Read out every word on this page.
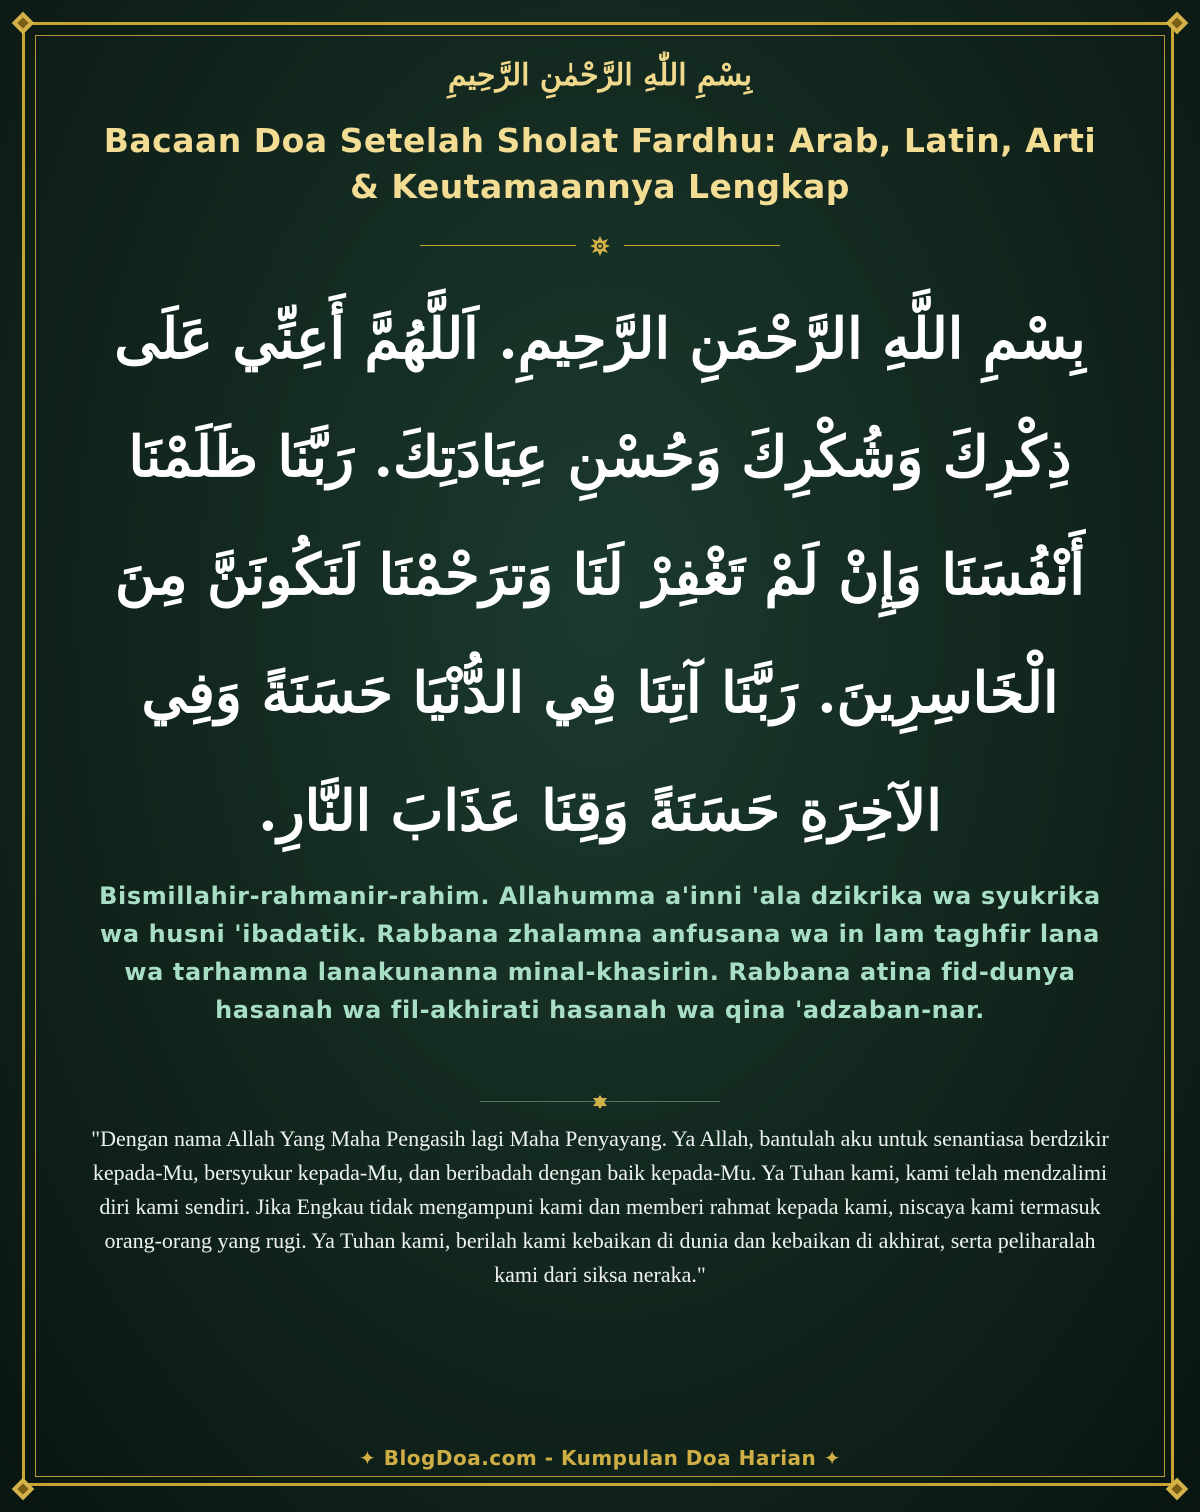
بِسْمِ اللّٰهِ الرَّحْمٰنِ الرَّحِيمِ
Bacaan Doa Setelah Sholat Fardhu: Arab, Latin, Arti & Keutamaannya Lengkap
بِسْمِ اللَّهِ الرَّحْمَنِ الرَّحِيمِ. اَللَّهُمَّ أَعِنِّي عَلَى ذِكْرِكَ وَشُكْرِكَ وَحُسْنِ عِبَادَتِكَ. رَبَّنَا ظَلَمْنَا أَنْفُسَنَا وَإِنْ لَمْ تَغْفِرْ لَنَا وَترَحْمْنَا لَنَكُونَنَّ مِنَ الْخَاسِرِينَ. رَبَّنَا آتِنَا فِي الدُّنْيَا حَسَنَةً وَفِي الآخِرَةِ حَسَنَةً وَقِنَا عَذَابَ النَّارِ.
Bismillahir-rahmanir-rahim. Allahumma a'inni 'ala dzikrika wa syukrika wa husni 'ibadatik. Rabbana zhalamna anfusana wa in lam taghfir lana wa tarhamna lanakunanna minal-khasirin. Rabbana atina fid-dunya hasanah wa fil-akhirati hasanah wa qina 'adzaban-nar.
"Dengan nama Allah Yang Maha Pengasih lagi Maha Penyayang. Ya Allah, bantulah aku untuk senantiasa berdzikir kepada-Mu, bersyukur kepada-Mu, dan beribadah dengan baik kepada-Mu. Ya Tuhan kami, kami telah mendzalimi diri kami sendiri. Jika Engkau tidak mengampuni kami dan memberi rahmat kepada kami, niscaya kami termasuk orang-orang yang rugi. Ya Tuhan kami, berilah kami kebaikan di dunia dan kebaikan di akhirat, serta peliharalah kami dari siksa neraka."
✦ BlogDoa.com - Kumpulan Doa Harian ✦
